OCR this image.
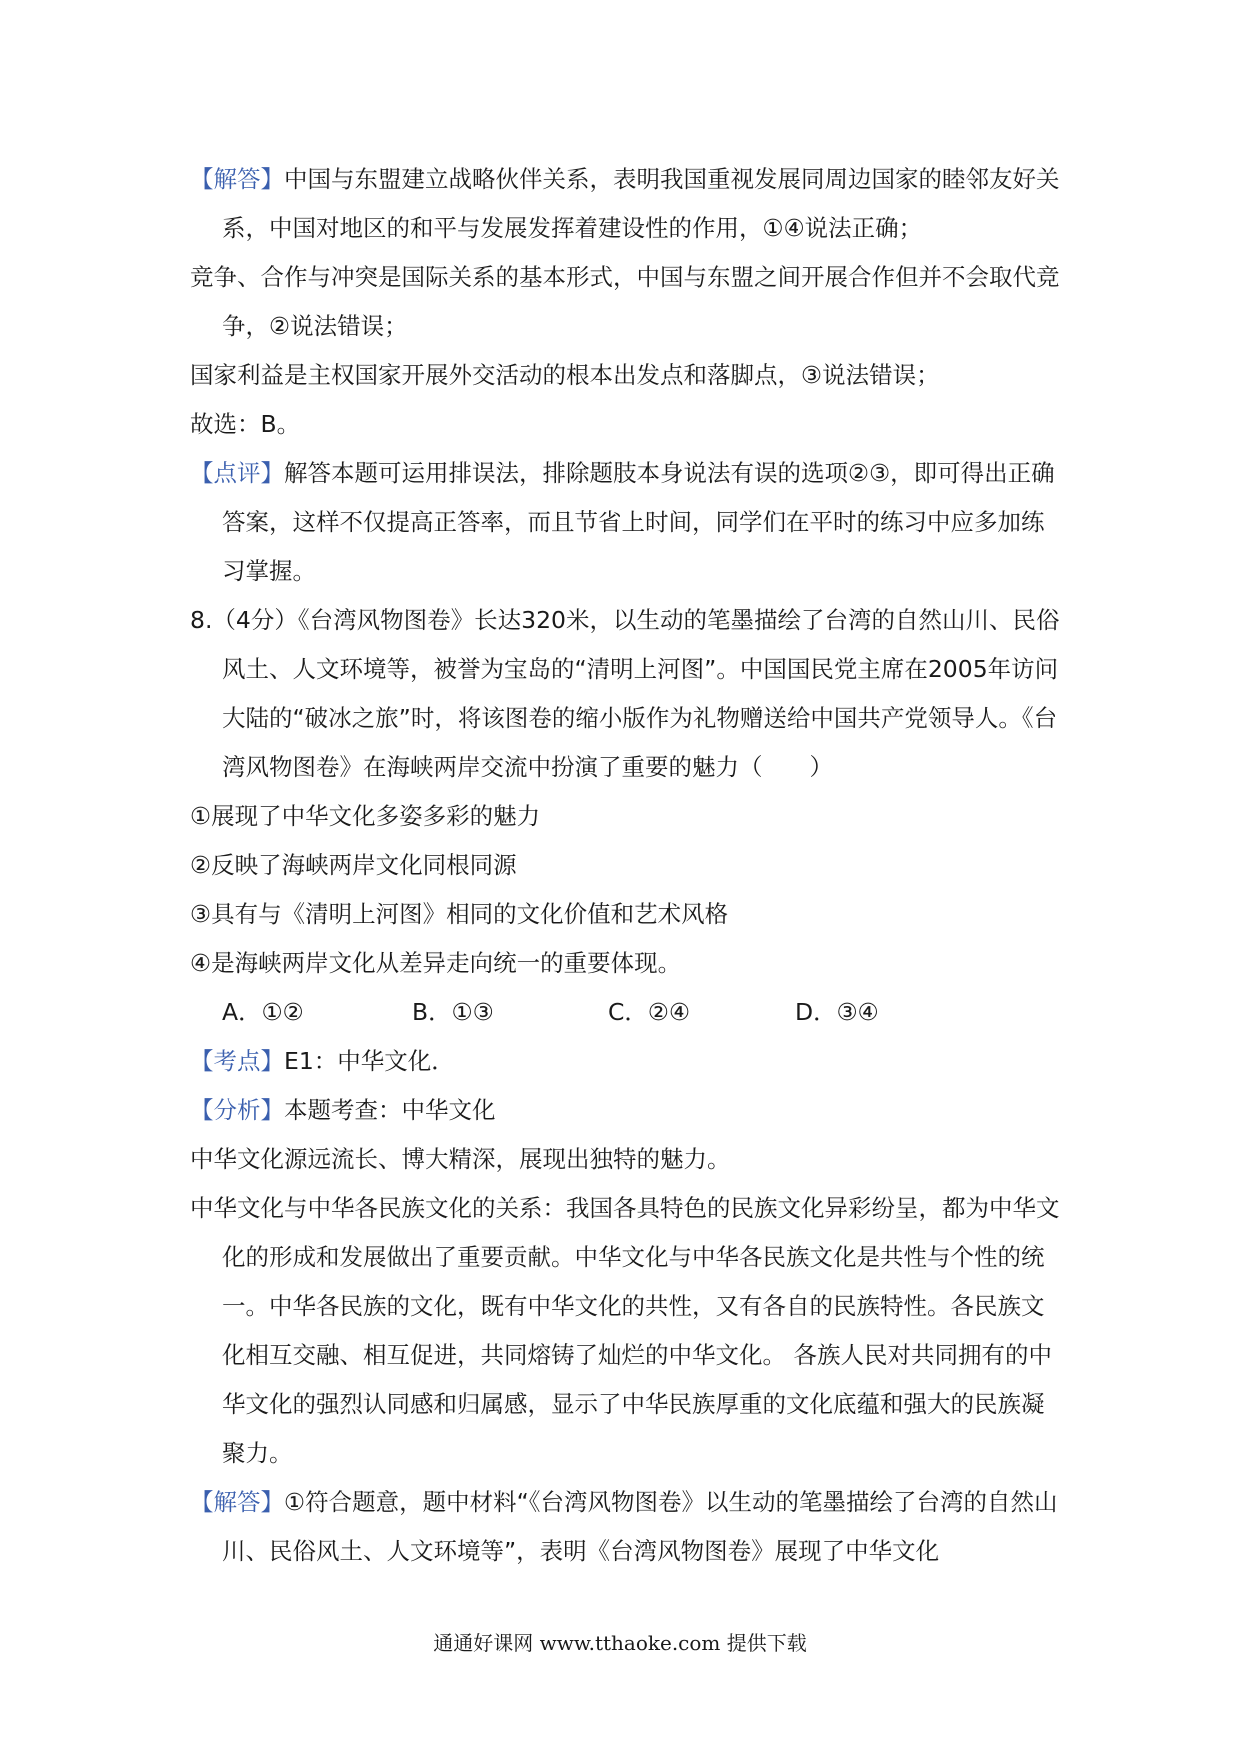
【解答】中国与东盟建立战略伙伴关系，表明我国重视发展同周边国家的睦邻友好关系，中国对地区的和平与发展发挥着建设性的作用，①④说法正确；

竞争、合作与冲突是国际关系的基本形式，中国与东盟之间开展合作但并不会取代竞争，②说法错误；

国家利益是主权国家开展外交活动的根本出发点和落脚点，③说法错误；

故选：B。

【点评】解答本题可运用排误法，排除题肢本身说法有误的选项②③，即可得出正确答案，这样不仅提高正答率，而且节省上时间，同学们在平时的练习中应多加练习掌握。

8.（4分）《台湾风物图卷》长达320米，以生动的笔墨描绘了台湾的自然山川、民俗风土、人文环境等，被誉为宝岛的“清明上河图”。中国国民党主席在2005年访问大陆的“破冰之旅”时，将该图卷的缩小版作为礼物赠送给中国共产党领导人。《台湾风物图卷》在海峡两岸交流中扮演了重要的魅力（　　）

①展现了中华文化多姿多彩的魅力

②反映了海峡两岸文化同根同源

③具有与《清明上河图》相同的文化价值和艺术风格

④是海峡两岸文化从差异走向统一的重要体现。

A．①②	B．①③	C．②④	D．③④

【考点】E1：中华文化．

【分析】本题考查：中华文化

中华文化源远流长、博大精深，展现出独特的魅力。

中华文化与中华各民族文化的关系：我国各具特色的民族文化异彩纷呈，都为中华文化的形成和发展做出了重要贡献。中华文化与中华各民族文化是共性与个性的统一。中华各民族的文化，既有中华文化的共性，又有各自的民族特性。各民族文化相互交融、相互促进，共同熔铸了灿烂的中华文化。 各族人民对共同拥有的中华文化的强烈认同感和归属感，显示了中华民族厚重的文化底蕴和强大的民族凝聚力。

【解答】①符合题意，题中材料“《台湾风物图卷》以生动的笔墨描绘了台湾的自然山川、民俗风土、人文环境等”，表明《台湾风物图卷》展现了中华文化

通通好课网 www.tthaoke.com 提供下载
